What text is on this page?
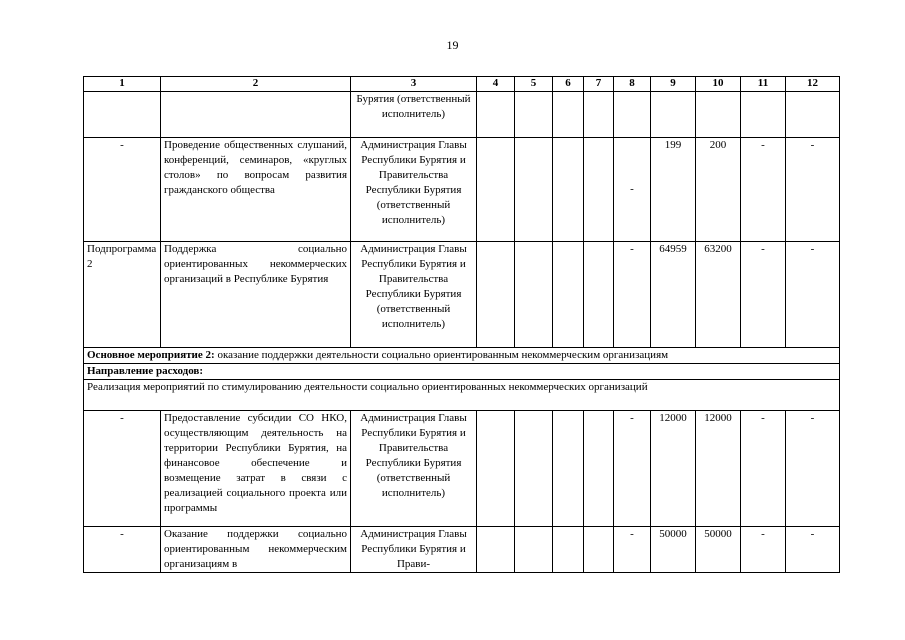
19
1	2	3	4	5	6	7	8	9	10	11	12
		Бурятия (ответственный исполнитель)									
-	Проведение общественных слушаний, конференций, семинаров, «круглых столов» по вопросам развития гражданского общества	Администрация Главы Республики Бурятия и Правительства Республики Бурятия (ответственный исполнитель)					-	199	200	-	-
Подпрограмма 2	Поддержка социально ориентированных некоммерческих организаций в Республике Бурятия	Администрация Главы Республики Бурятия и Правительства Республики Бурятия (ответственный исполнитель)					-	64959	63200	-	-
Основное мероприятие 2: оказание поддержки деятельности социально ориентированным некоммерческим организациям											
Направление расходов:											
Реализация мероприятий по стимулированию деятельности социально ориентированных некоммерческих организаций											
-	Предоставление субсидии СО НКО, осуществляющим деятельность на территории Республики Бурятия, на финансовое обеспечение и возмещение затрат в связи с реализацией социального проекта или программы	Администрация Главы Республики Бурятия и Правительства Республики Бурятия (ответственный исполнитель)					-	12000	12000	-	-

-	Оказание поддержки социально ориентированным некоммерческим организациям в	Администрация Главы Республики Бурятия и Прави-					-	50000	50000	-	-
